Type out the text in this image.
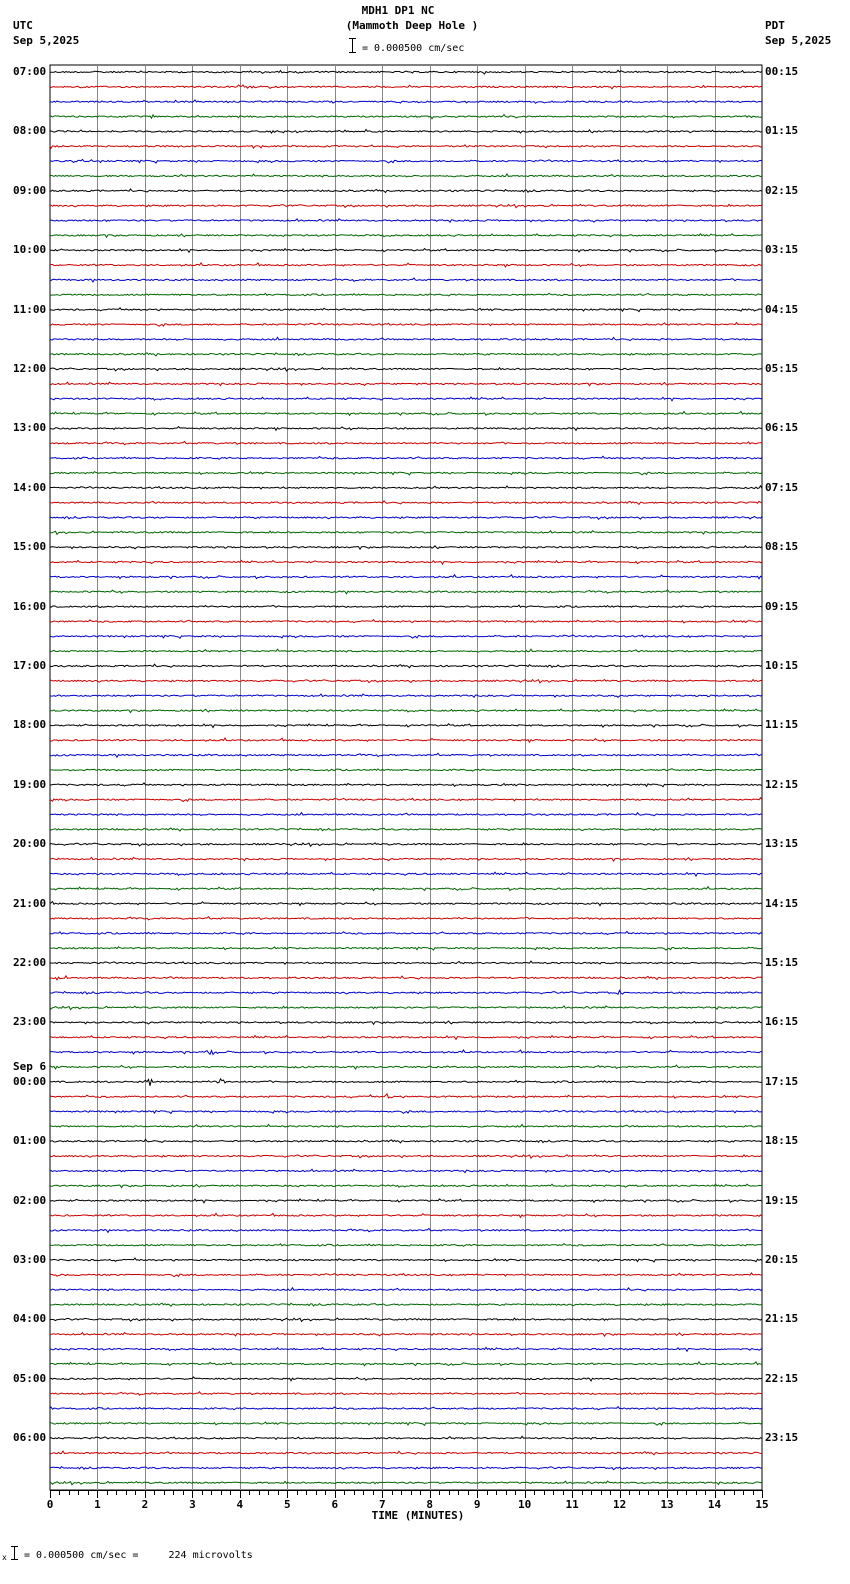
MDH1 DP1 NC
(Mammoth Deep Hole )
= 0.000500 cm/sec
UTC
Sep 5,2025
PDT
Sep 5,2025
0	1	2	3	4	5	6	7	8	9	10	11	12	13	14	15
TIME (MINUTES)
x = 0.000500 cm/sec =     224 microvolts
07:00	00:15
08:00	01:15
09:00	02:15
10:00	03:15
11:00	04:15
12:00	05:15
13:00	06:15
14:00	07:15
15:00	08:15
16:00	09:15
17:00	10:15
18:00	11:15
19:00	12:15
20:00	13:15
21:00	14:15
22:00	15:15
23:00	16:15
00:00	17:15
Sep 6
01:00	18:15
02:00	19:15
03:00	20:15
04:00	21:15
05:00	22:15
06:00	23:15
